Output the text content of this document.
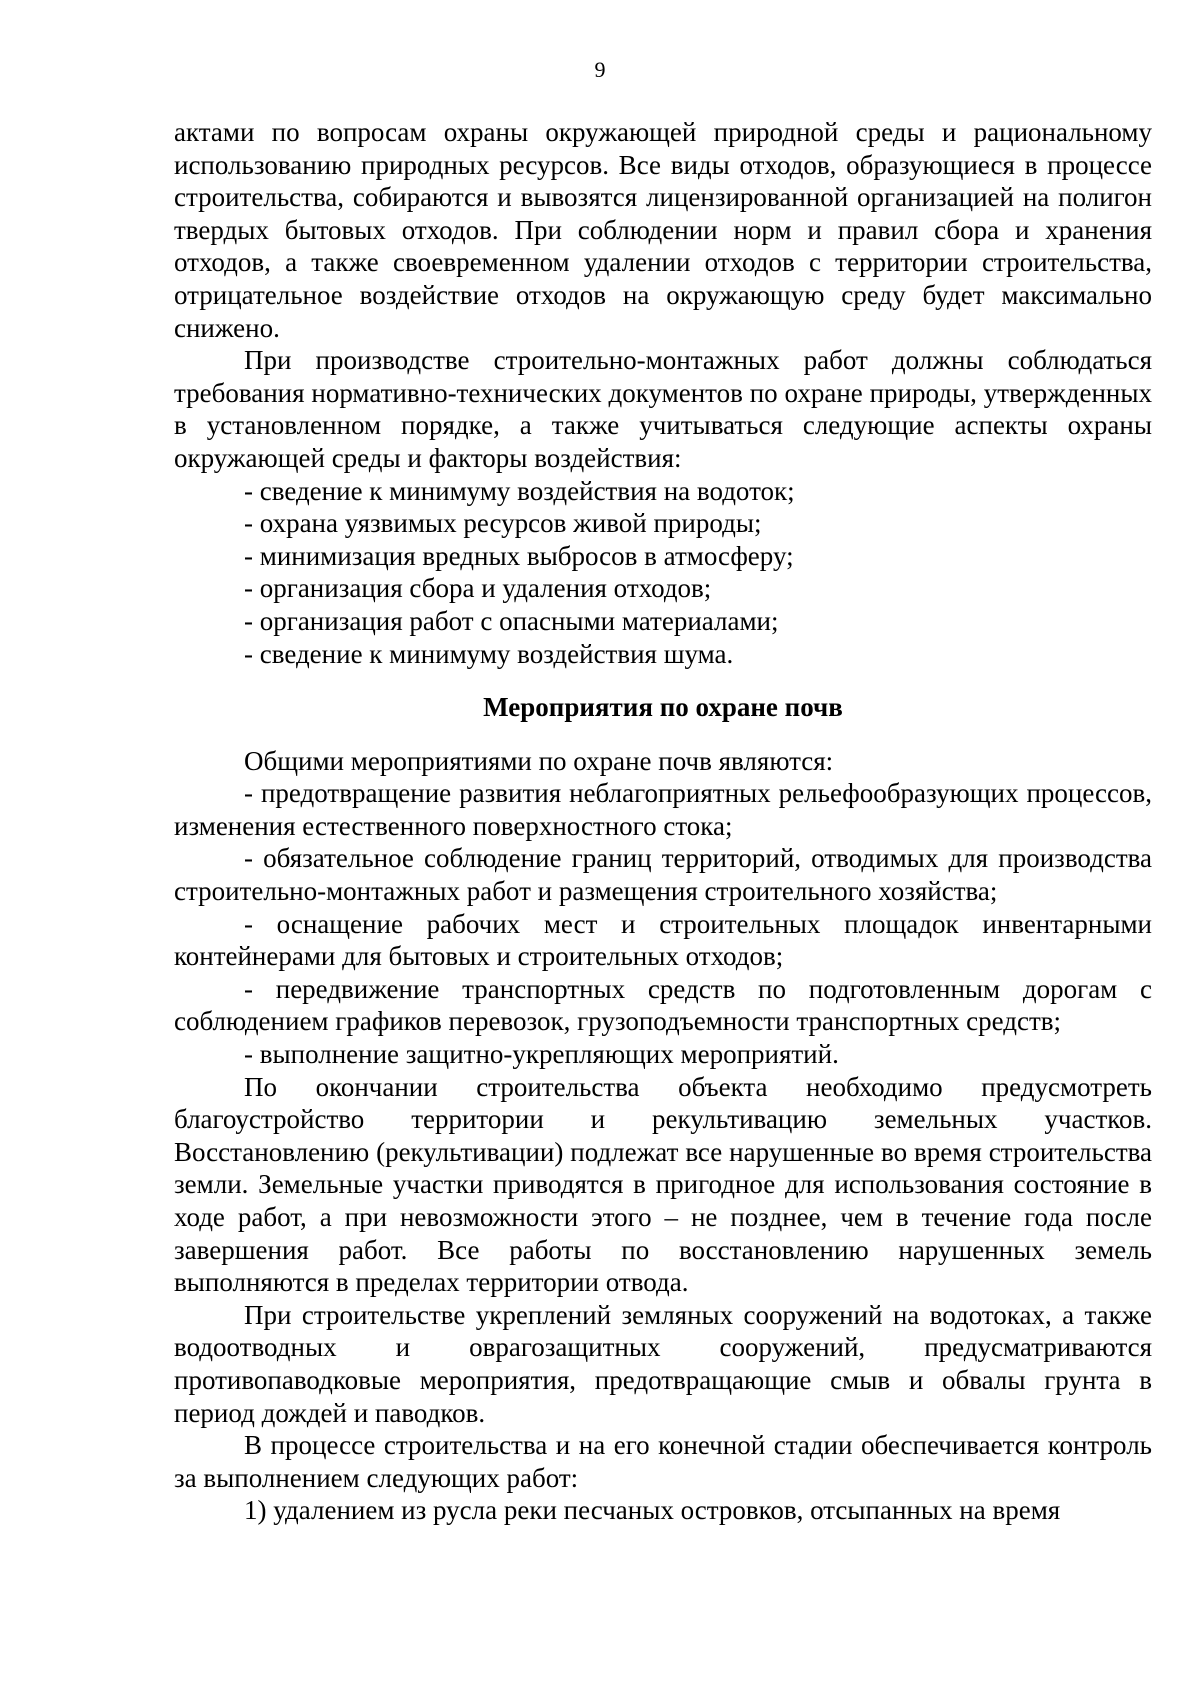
9

актами по вопросам охраны окружающей природной среды и рациональному использованию природных ресурсов. Все виды отходов, образующиеся в процессе строительства, собираются и вывозятся лицензированной организацией на полигон твердых бытовых отходов. При соблюдении норм и правил сбора и хранения отходов, а также своевременном удалении отходов с территории строительства, отрицательное воздействие отходов на окружающую среду будет максимально снижено.

При производстве строительно-монтажных работ должны соблюдаться требования нормативно-технических документов по охране природы, утвержденных в установленном порядке, а также учитываться следующие аспекты охраны окружающей среды и факторы воздействия:

- сведение к минимуму воздействия на водоток;

- охрана уязвимых ресурсов живой природы;

- минимизация вредных выбросов в атмосферу;

- организация сбора и удаления отходов;

- организация работ с опасными материалами;

- сведение к минимуму воздействия шума.

Мероприятия по охране почв

Общими мероприятиями по охране почв являются:

- предотвращение развития неблагоприятных рельефообразующих процессов, изменения естественного поверхностного стока;

- обязательное соблюдение границ территорий, отводимых для производства строительно-монтажных работ и размещения строительного хозяйства;

- оснащение рабочих мест и строительных площадок инвентарными контейнерами для бытовых и строительных отходов;

- передвижение транспортных средств по подготовленным дорогам с соблюдением графиков перевозок, грузоподъемности транспортных средств;

- выполнение защитно-укрепляющих мероприятий.

По окончании строительства объекта необходимо предусмотреть благоустройство территории и рекультивацию земельных участков. Восстановлению (рекультивации) подлежат все нарушенные во время строительства земли. Земельные участки приводятся в пригодное для использования состояние в ходе работ, а при невозможности этого – не позднее, чем в течение года после завершения работ. Все работы по восстановлению нарушенных земель выполняются в пределах территории отвода.

При строительстве укреплений земляных сооружений на водотоках, а также водоотводных и оврагозащитных сооружений, предусматриваются противопаводковые мероприятия, предотвращающие смыв и обвалы грунта в период дождей и паводков.

В процессе строительства и на его конечной стадии обеспечивается контроль за выполнением следующих работ:

1) удалением из русла реки песчаных островков, отсыпанных на время
